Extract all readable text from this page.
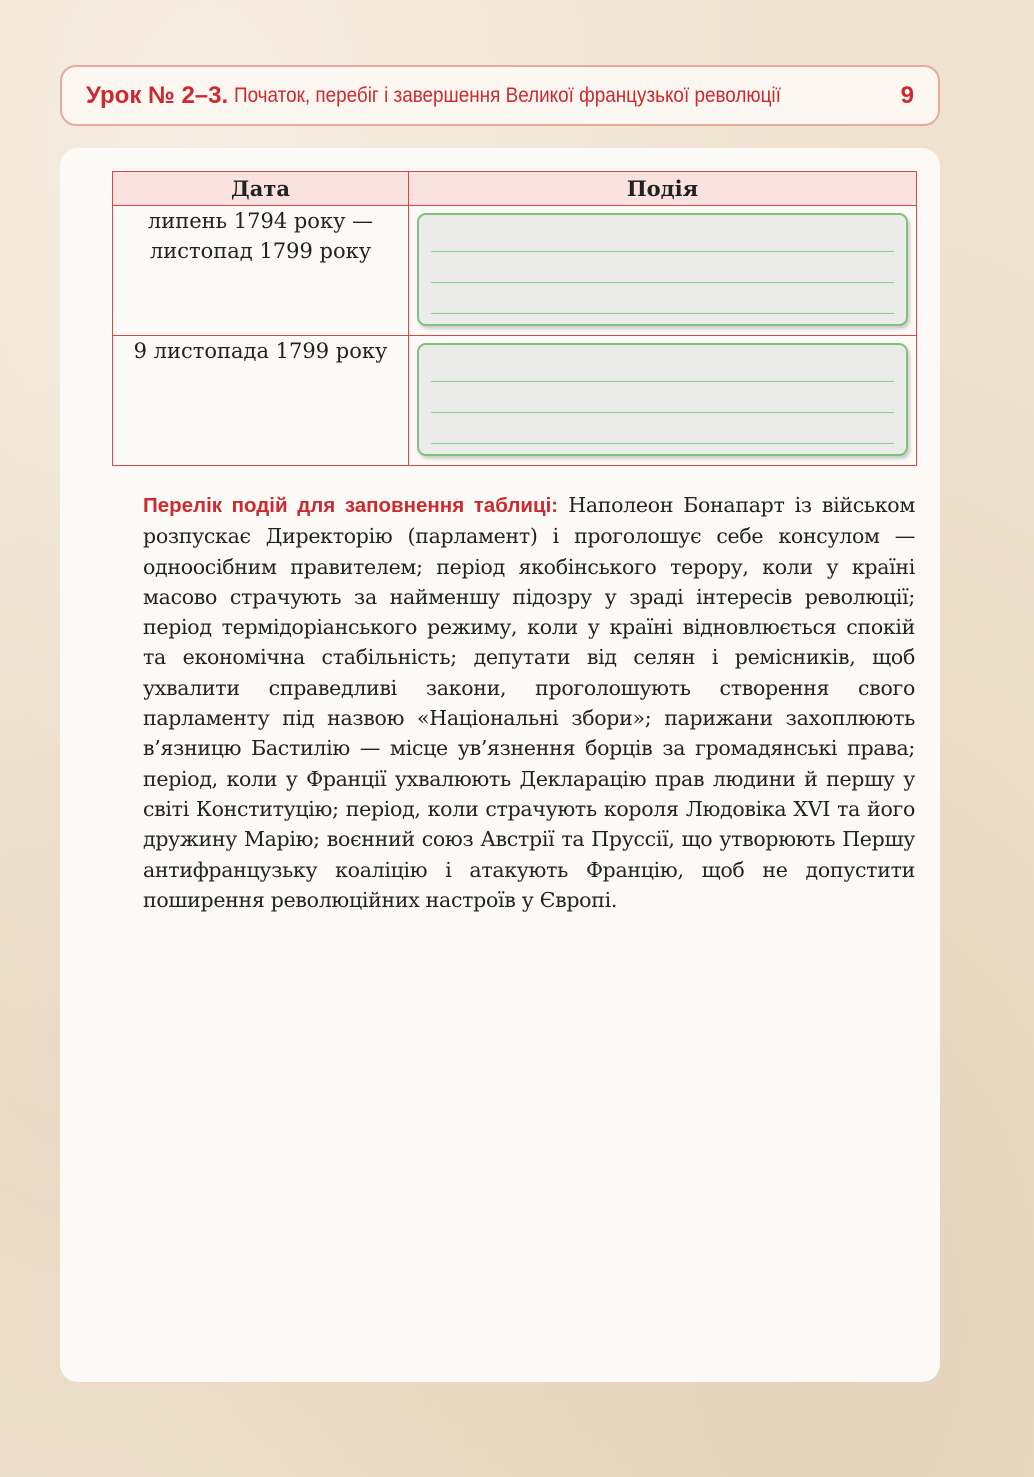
Урок № 2–3. Початок, перебіг і завершення Великої французької революції	9
Дата	Подія

липень 1794 року — листопад 1799 року	

9 листопада 1799 року	

Перелік подій для заповнення таблиці: Наполеон Бонапарт із військом розпускає Директорію (парламент) і проголошує себе консулом — одноосібним правителем; період якобінського терору, коли у країні масово страчують за найменшу підозру у зраді інтересів революції; період термідоріанського режиму, коли у країні відновлюється спокій та економічна стабільність; депутати від селян і ремісників, щоб ухвалити справедливі закони, проголошують створення свого парламенту під назвою «Національні збори»; парижани захоплюють в’язницю Бастилію — місце ув’язнення борців за громадянські права; період, коли у Франції ухвалюють Декларацію прав людини й першу у світі Конституцію; період, коли страчують короля Людовіка XVI та його дружину Марію; воєнний союз Австрії та Пруссії, що утворюють Першу антифранцузьку коаліцію і атакують Францію, щоб не допустити поширення революційних настроїв у Європі.
